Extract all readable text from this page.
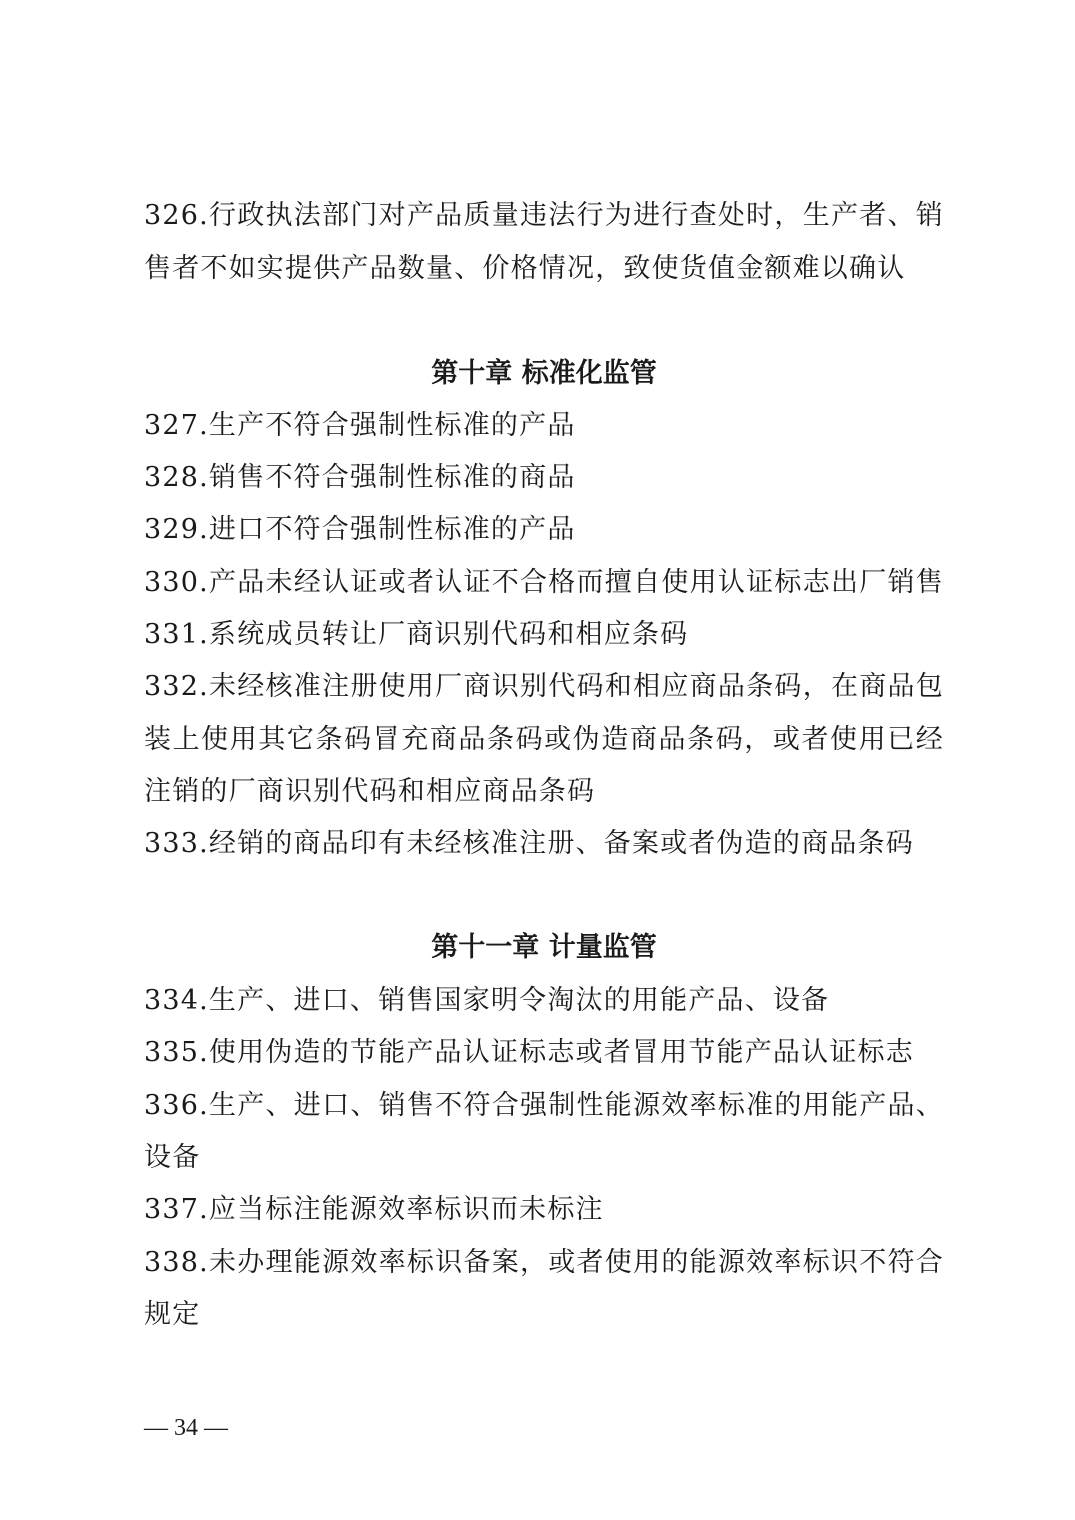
326.行政执法部门对产品质量违法行为进行查处时，生产者、销
售者不如实提供产品数量、价格情况，致使货值金额难以确认
第十章 标准化监管
327.生产不符合强制性标准的产品
328.销售不符合强制性标准的商品
329.进口不符合强制性标准的产品
330.产品未经认证或者认证不合格而擅自使用认证标志出厂销售
331.系统成员转让厂商识别代码和相应条码
332.未经核准注册使用厂商识别代码和相应商品条码，在商品包
装上使用其它条码冒充商品条码或伪造商品条码，或者使用已经
注销的厂商识别代码和相应商品条码
333.经销的商品印有未经核准注册、备案或者伪造的商品条码
第十一章 计量监管
334.生产、进口、销售国家明令淘汰的用能产品、设备
335.使用伪造的节能产品认证标志或者冒用节能产品认证标志
336.生产、进口、销售不符合强制性能源效率标准的用能产品、
设备
337.应当标注能源效率标识而未标注
338.未办理能源效率标识备案，或者使用的能源效率标识不符合
规定
— 34 —
